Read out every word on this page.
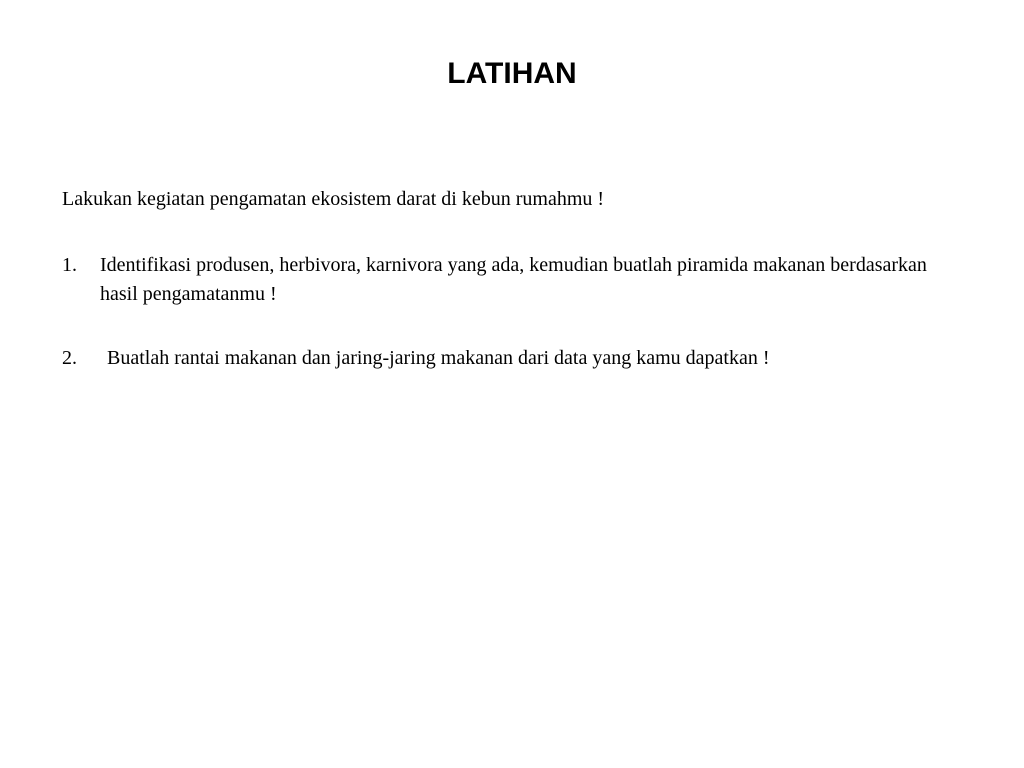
LATIHAN

Lakukan kegiatan pengamatan ekosistem darat di kebun rumahmu !

1.	Identifikasi produsen, herbivora, karnivora yang ada, kemudian buatlah piramida makanan berdasarkan hasil pengamatanmu !
2.	Buatlah rantai makanan dan jaring-jaring makanan dari data yang kamu dapatkan !
